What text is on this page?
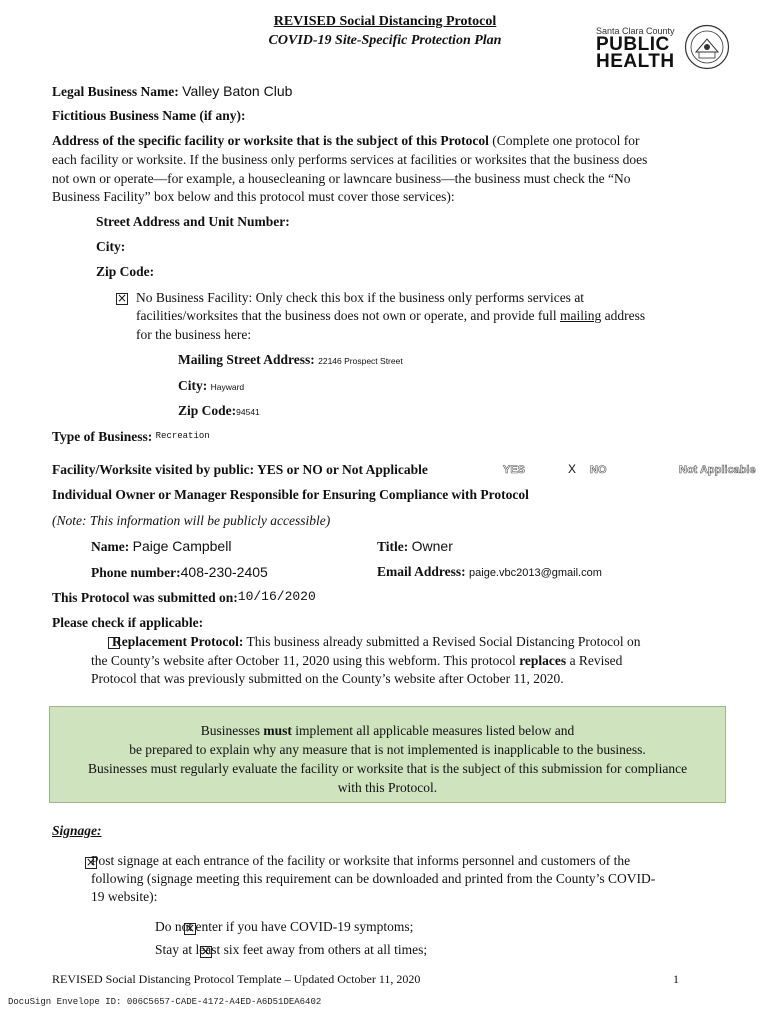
REVISED Social Distancing Protocol
COVID-19 Site-Specific Protection Plan
Santa Clara County
PUBLIC
HEALTH
Legal Business Name: Valley Baton Club
Fictitious Business Name (if any):
Address of the specific facility or worksite that is the subject of this Protocol (Complete one protocol for
each facility or worksite. If the business only performs services at facilities or worksites that the business does
not own or operate—for example, a housecleaning or lawncare business—the business must check the “No
Business Facility” box below and this protocol must cover those services):
Street Address and Unit Number:
City:
Zip Code:
×
No Business Facility: Only check this box if the business only performs services at
facilities/worksites that the business does not own or operate, and provide full mailing address
for the business here:
Mailing Street Address: 22146 Prospect Street
City: Hayward
Zip Code:94541
Type of Business: $^{Recreation}$
Facility/Worksite visited by public: YES or NO or Not Applicable	YES	X NO	Not Applicable
Individual Owner or Manager Responsible for Ensuring Compliance with Protocol
(Note: This information will be publicly accessible)
Name: Paige Campbell	Title: Owner
Phone number:408-230-2405	Email Address: paige.vbc2013@gmail.com
This Protocol was submitted on:10/16/2020
Please check if applicable:

Replacement Protocol: This business already submitted a Revised Social Distancing Protocol on
the County’s website after October 11, 2020 using this webform. This protocol replaces a Revised
Protocol that was previously submitted on the County’s website after October 11, 2020.
Businesses must implement all applicable measures listed below and
be prepared to explain why any measure that is not implemented is inapplicable to the business.
Businesses must regularly evaluate the facility or worksite that is the subject of this submission for compliance
with this Protocol.
Signage:
×
Post signage at each entrance of the facility or worksite that informs personnel and customers of the
following (signage meeting this requirement can be downloaded and printed from the County’s COVID-
19 website):
×
Do not enter if you have COVID-19 symptoms;
×
Stay at least six feet away from others at all times;
REVISED Social Distancing Protocol Template – Updated October 11, 2020	1
DocuSign Envelope ID: 006C5657-CADE-4172-A4ED-A6D51DEA6402
